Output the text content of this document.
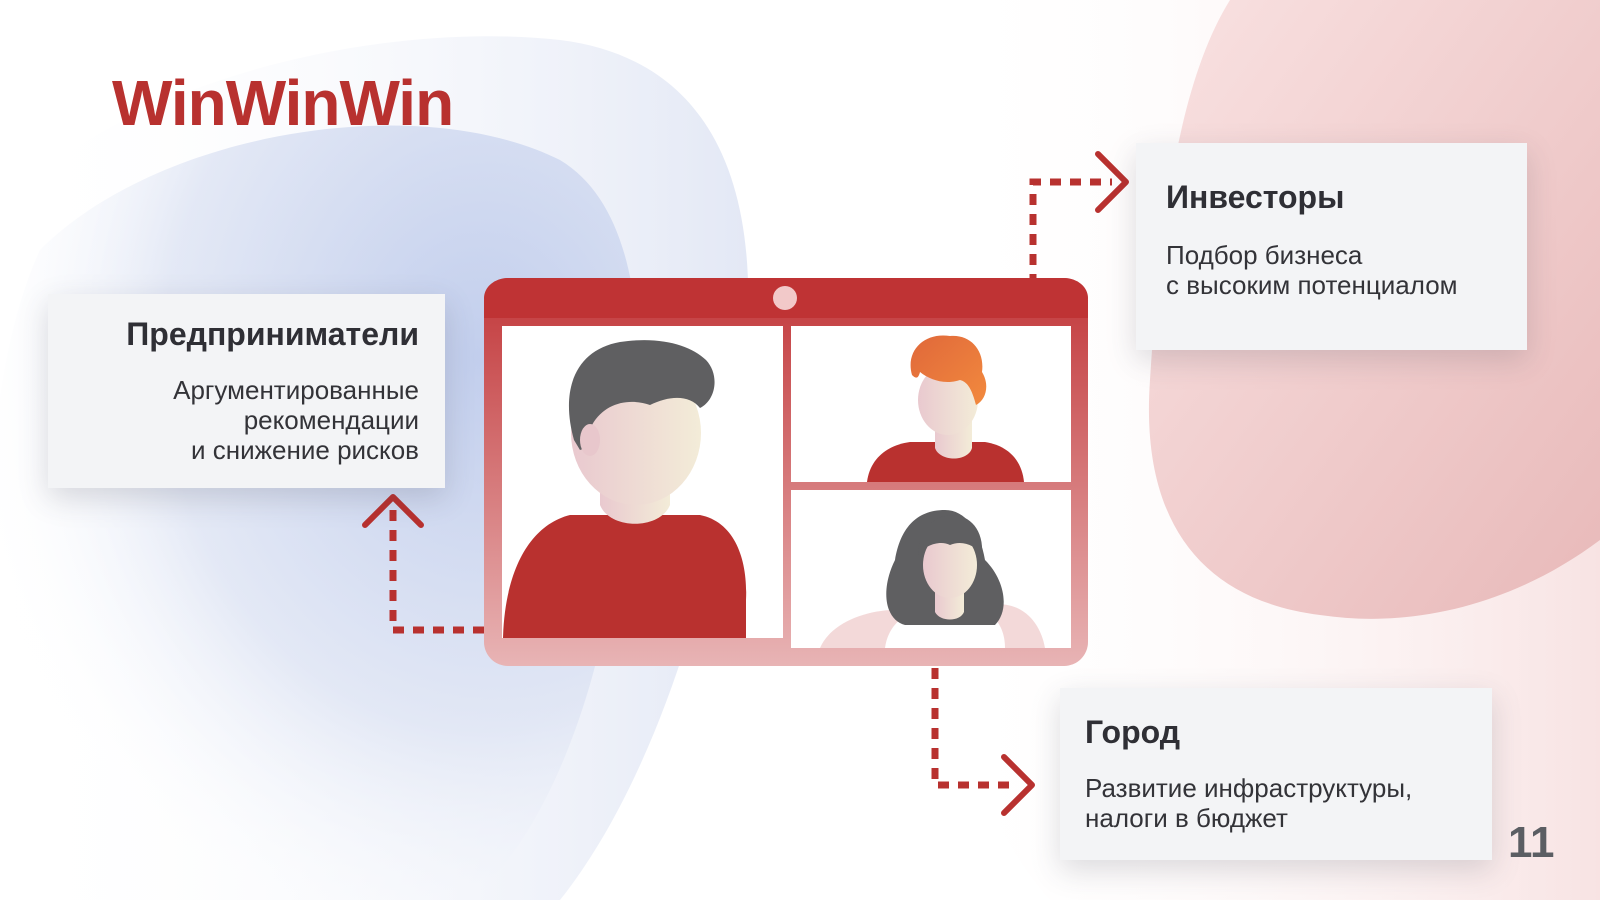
WinWinWin
Предприниматели

Аргументированные
рекомендации
и снижение рисков

Инвесторы

Подбор бизнеса
с высоким потенциалом

Город

Развитие инфраструктуры,
налоги в бюджет	11
